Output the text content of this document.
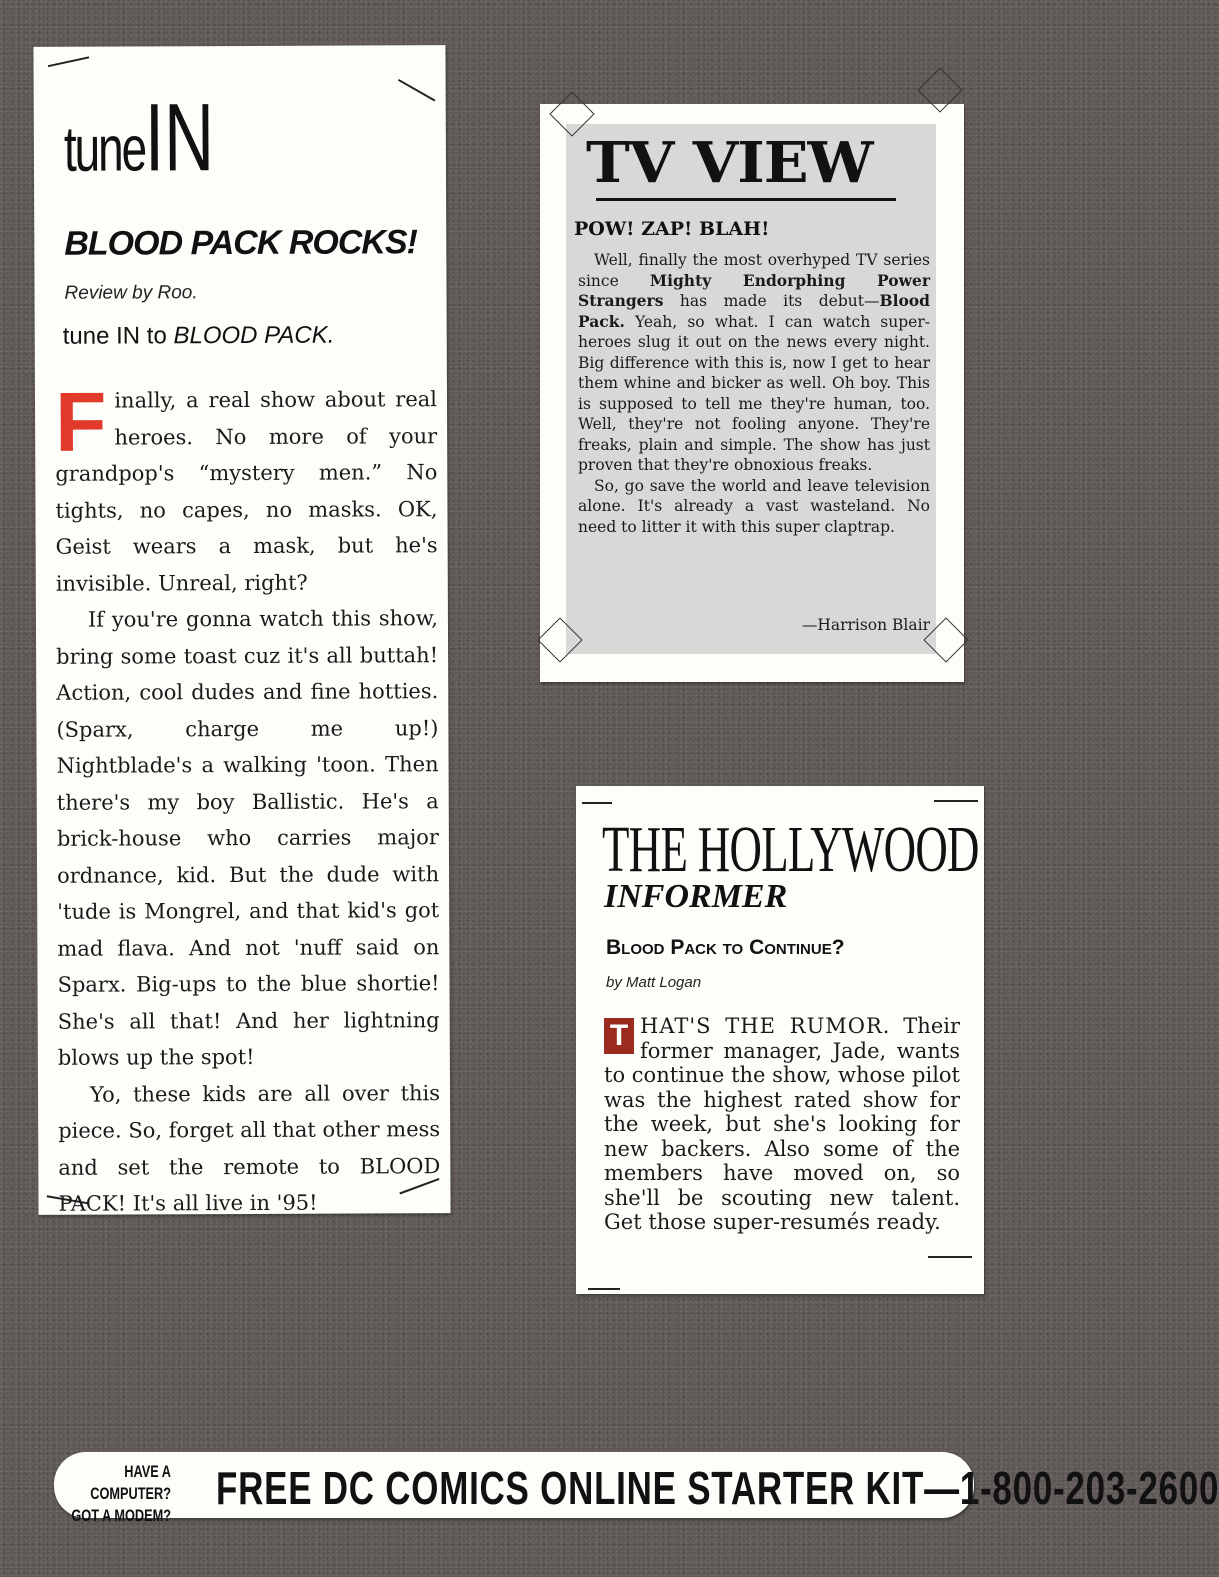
tuneIN
BLOOD PACK ROCKS!
Review by Roo.
tune IN to BLOOD PACK.

Finally, a real show about real heroes. No more of your grandpop's “mystery men.” No tights, no capes, no masks. OK, Geist wears a mask, but he's invisible. Unreal, right?

If you're gonna watch this show, bring some toast cuz it's all buttah! Action, cool dudes and fine hotties. (Sparx, charge me up!) Nightblade's a walking 'toon. Then there's my boy Ballistic. He's a brick-house who carries major ordnance, kid. But the dude with 'tude is Mongrel, and that kid's got mad flava. And not 'nuff said on Sparx. Big-ups to the blue shortie! She's all that! And her lightning blows up the spot!

Yo, these kids are all over this piece. So, forget all that other mess and set the remote to BLOOD PACK! It's all live in '95!

TV VIEW
POW! ZAP! BLAH!

Well, finally the most overhyped TV series since Mighty Endorphing Power Strangers has made its debut—Blood Pack. Yeah, so what. I can watch super-heroes slug it out on the news every night. Big difference with this is, now I get to hear them whine and bicker as well. Oh boy. This is supposed to tell me they're human, too. Well, they're not fooling anyone. They're freaks, plain and simple. The show has just proven that they're obnoxious freaks.

So, go save the world and leave television alone. It's already a vast wasteland. No need to litter it with this super claptrap.

—Harrison Blair
THE HOLLYWOOD
INFORMER
Blood Pack to Continue?
by Matt Logan
T HAT'S THE RUMOR. Their former manager, Jade, wants to continue the show, whose pilot was the highest rated show for the week, but she's looking for new backers. Also some of the members have moved on, so she'll be scouting new talent. Get those super-resumés ready.
HAVE A COMPUTER?
GOT A MODEM?
FREE DC COMICS ONLINE STARTER KIT—1-800-203-2600
